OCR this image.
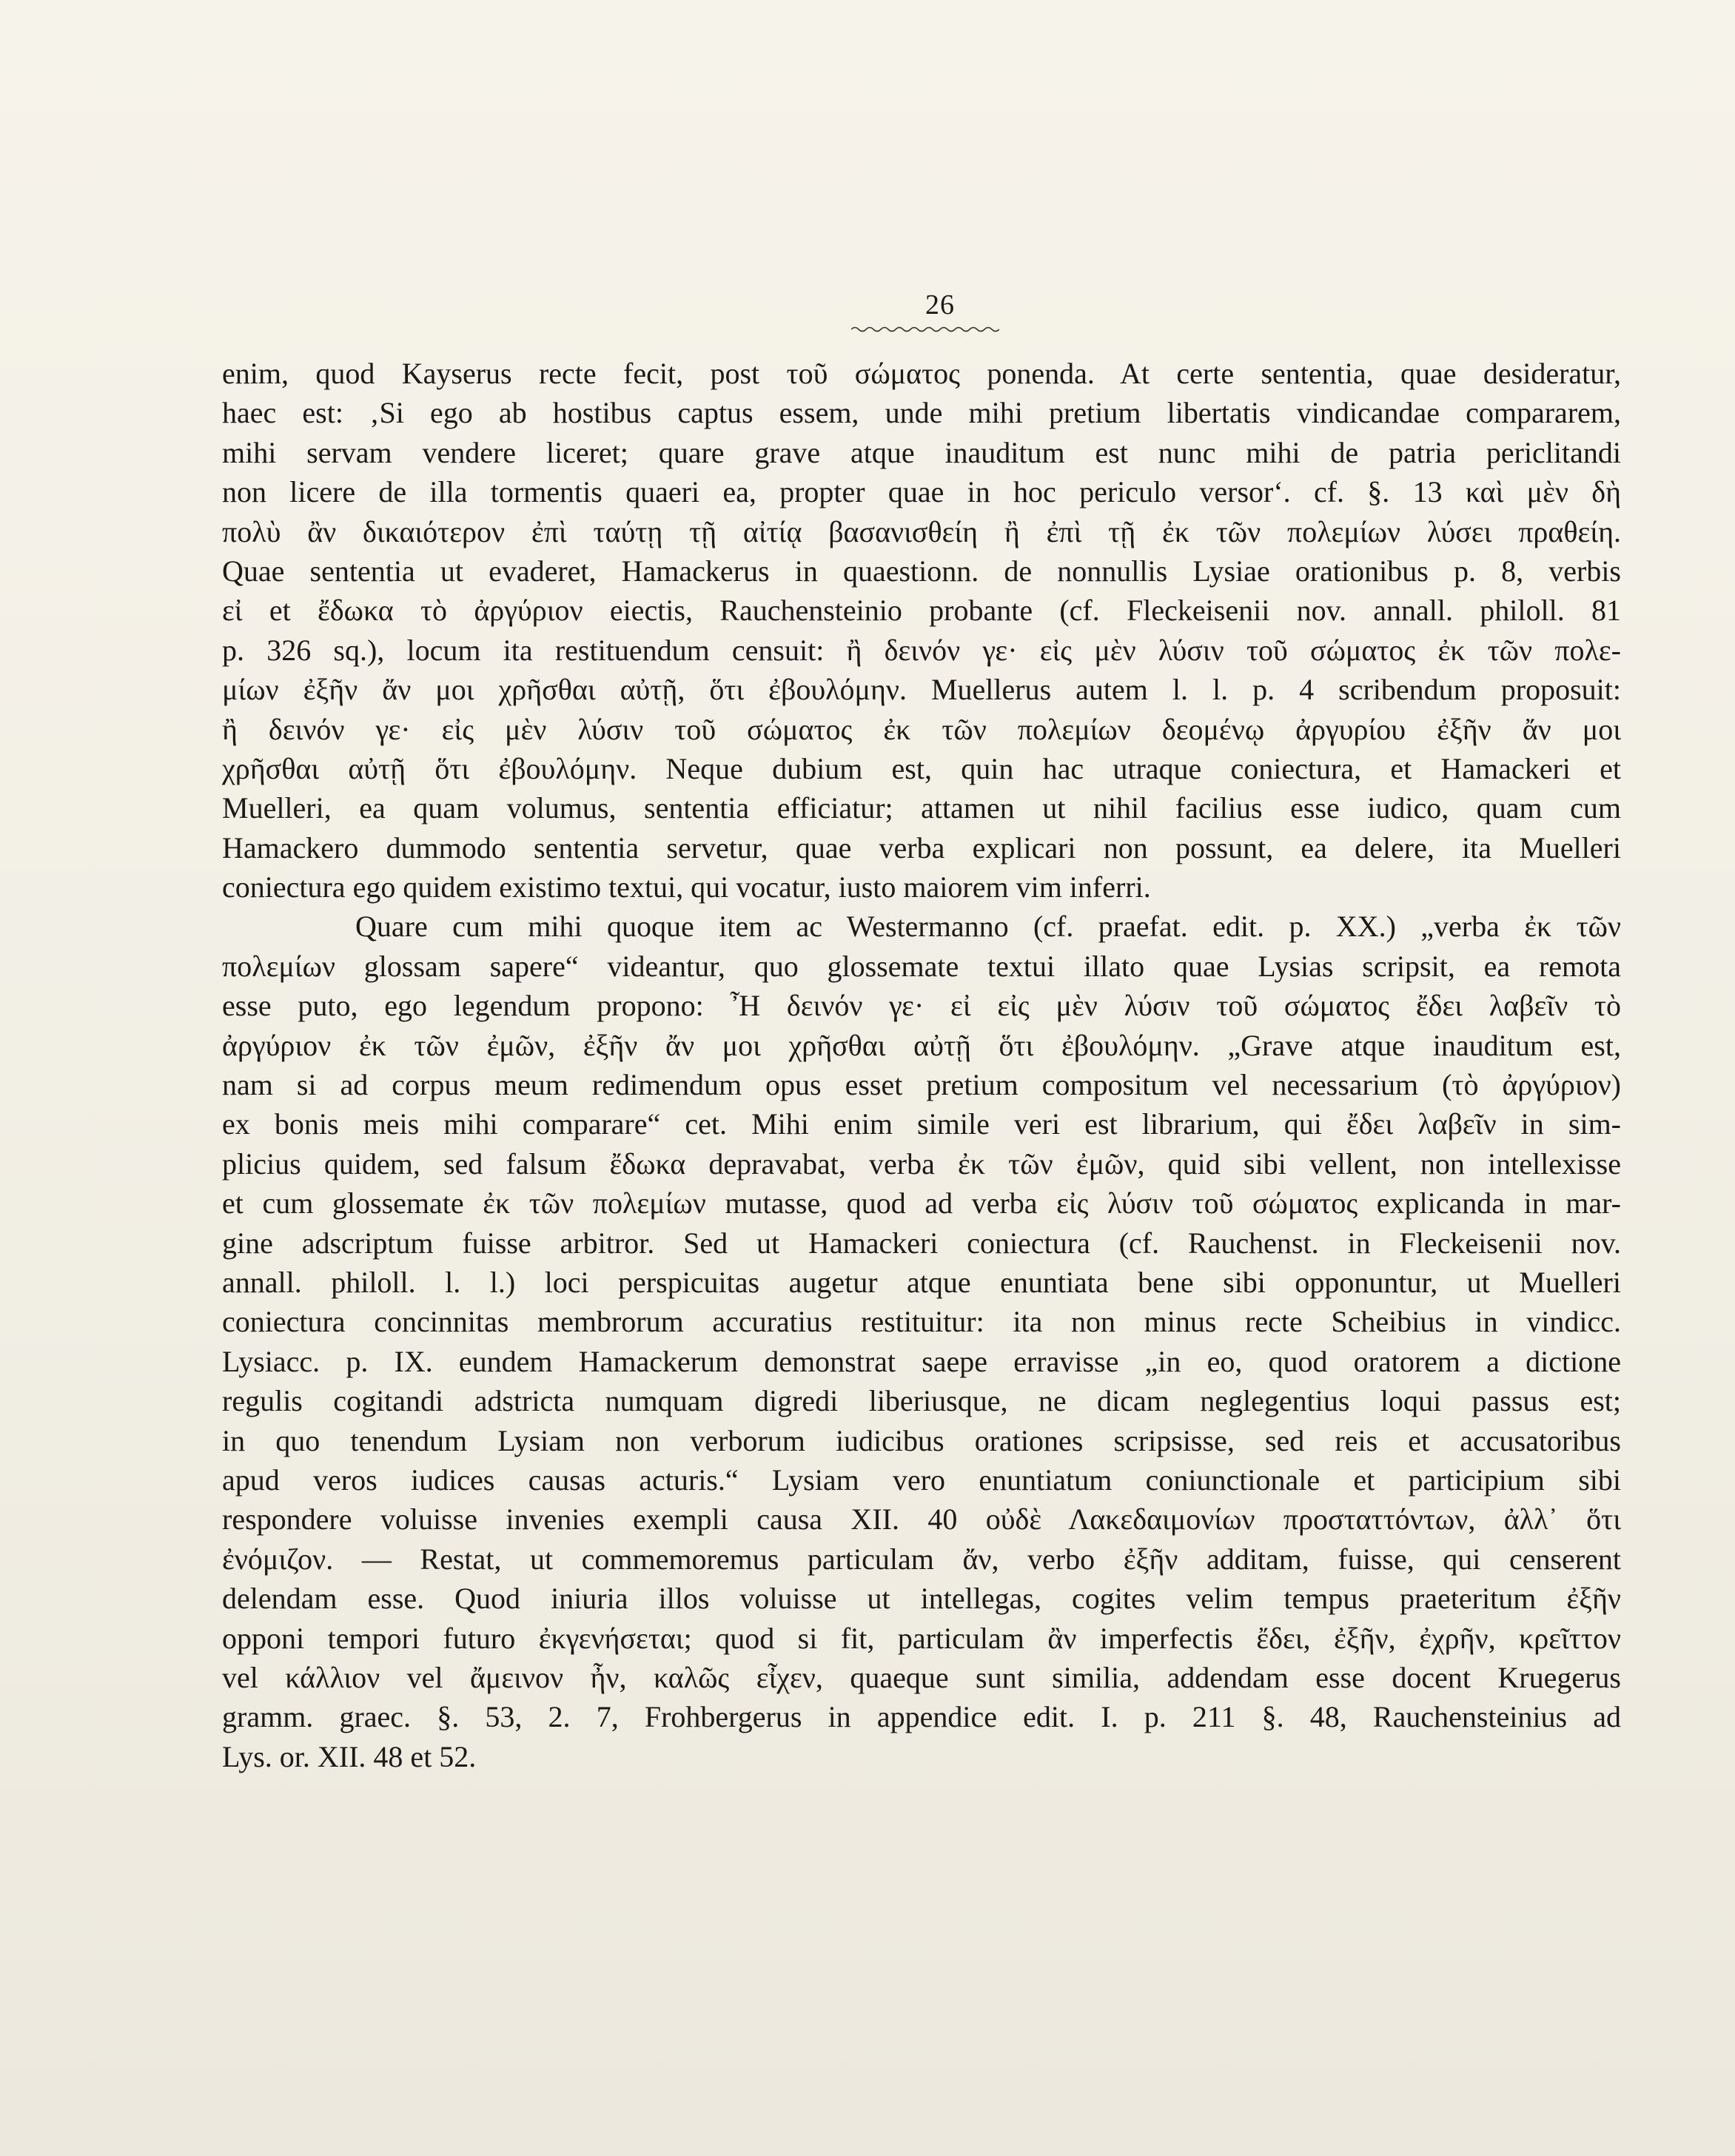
26
enim, quod Kayserus recte fecit, post τοῦ σώματος ponenda. At certe sententia, quae desideratur,
haec est: ‚Si ego ab hostibus captus essem, unde mihi pretium libertatis vindicandae compararem,
mihi servam vendere liceret; quare grave atque inauditum est nunc mihi de patria periclitandi
non licere de illa tormentis quaeri ea, propter quae in hoc periculo versor‘. cf. §. 13 καὶ μὲν δὴ
πολὺ ἂν δικαιότερον ἐπὶ ταύτῃ τῇ αἰτίᾳ βασανισθείη ἢ ἐπὶ τῇ ἐκ τῶν πολεμίων λύσει πραθείη.
Quae sententia ut evaderet, Hamackerus in quaestionn. de nonnullis Lysiae orationibus p. 8, verbis
εἰ et ἔδωκα τὸ ἀργύριον eiectis, Rauchensteinio probante (cf. Fleckeisenii nov. annall. philoll. 81
p. 326 sq.), locum ita restituendum censuit: ἢ δεινόν γε· εἰς μὲν λύσιν τοῦ σώματος ἐκ τῶν πολε-
μίων ἐξῆν ἄν μοι χρῆσθαι αὐτῇ, ὅτι ἐβουλόμην. Muellerus autem l. l. p. 4 scribendum proposuit:
ἢ δεινόν γε· εἰς μὲν λύσιν τοῦ σώματος ἐκ τῶν πολεμίων δεομένῳ ἀργυρίου ἐξῆν ἄν μοι
χρῆσθαι αὐτῇ ὅτι ἐβουλόμην. Neque dubium est, quin hac utraque coniectura, et Hamackeri et
Muelleri, ea quam volumus, sententia efficiatur; attamen ut nihil facilius esse iudico, quam cum
Hamackero dummodo sententia servetur, quae verba explicari non possunt, ea delere, ita Muelleri
coniectura ego quidem existimo textui, qui vocatur, iusto maiorem vim inferri.
Quare cum mihi quoque item ac Westermanno (cf. praefat. edit. p. XX.) „verba ἐκ τῶν
πολεμίων glossam sapere“ videantur, quo glossemate textui illato quae Lysias scripsit, ea remota
esse puto, ego legendum propono: Ἦ δεινόν γε· εἰ εἰς μὲν λύσιν τοῦ σώματος ἔδει λαβεῖν τὸ
ἀργύριον ἐκ τῶν ἐμῶν, ἐξῆν ἄν μοι χρῆσθαι αὐτῇ ὅτι ἐβουλόμην. „Grave atque inauditum est,
nam si ad corpus meum redimendum opus esset pretium compositum vel necessarium (τὸ ἀργύριον)
ex bonis meis mihi comparare“ cet. Mihi enim simile veri est librarium, qui ἔδει λαβεῖν in sim-
plicius quidem, sed falsum ἔδωκα depravabat, verba ἐκ τῶν ἐμῶν, quid sibi vellent, non intellexisse
et cum glossemate ἐκ τῶν πολεμίων mutasse, quod ad verba εἰς λύσιν τοῦ σώματος explicanda in mar-
gine adscriptum fuisse arbitror. Sed ut Hamackeri coniectura (cf. Rauchenst. in Fleckeisenii nov.
annall. philoll. l. l.) loci perspicuitas augetur atque enuntiata bene sibi opponuntur, ut Muelleri
coniectura concinnitas membrorum accuratius restituitur: ita non minus recte Scheibius in vindicc.
Lysiacc. p. IX. eundem Hamackerum demonstrat saepe erravisse „in eo, quod oratorem a dictione
regulis cogitandi adstricta numquam digredi liberiusque, ne dicam neglegentius loqui passus est;
in quo tenendum Lysiam non verborum iudicibus orationes scripsisse, sed reis et accusatoribus
apud veros iudices causas acturis.“ Lysiam vero enuntiatum coniunctionale et participium sibi
respondere voluisse invenies exempli causa XII. 40 οὐδὲ Λακεδαιμονίων προσταττόντων, ἀλλ᾽ ὅτι
ἐνόμιζον. — Restat, ut commemoremus particulam ἄν, verbo ἐξῆν additam, fuisse, qui censerent
delendam esse. Quod iniuria illos voluisse ut intellegas, cogites velim tempus praeteritum ἐξῆν
opponi tempori futuro ἐκγενήσεται; quod si fit, particulam ἂν imperfectis ἔδει, ἐξῆν, ἐχρῆν, κρεῖττον
vel κάλλιον vel ἄμεινον ἦν, καλῶς εἶχεν, quaeque sunt similia, addendam esse docent Kruegerus
gramm. graec. §. 53, 2. 7, Frohbergerus in appendice edit. I. p. 211 §. 48, Rauchensteinius ad
Lys. or. XII. 48 et 52.
